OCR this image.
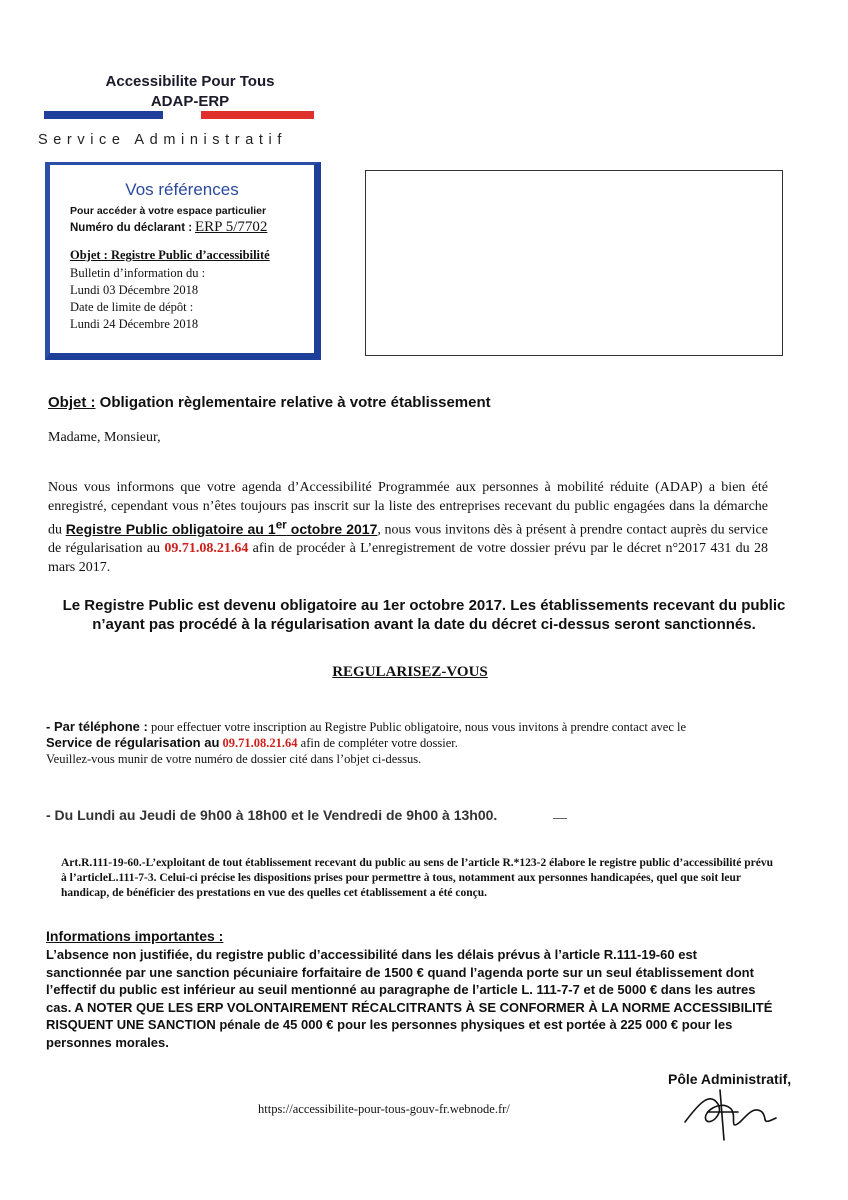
Accessibilite Pour Tous
ADAP-ERP
Service Administratif
Vos références
Pour accéder à votre espace particulier
Numéro du déclarant : ERP 5/7702
Objet : Registre Public d’accessibilité
Bulletin d’information du :
Lundi 03 Décembre 2018
Date de limite de dépôt :
Lundi 24 Décembre 2018
Objet : Obligation règlementaire relative à votre établissement
Madame, Monsieur,
Nous vous informons que votre agenda d’Accessibilité Programmée aux personnes à mobilité réduite (ADAP) a bien été enregistré, cependant vous n’êtes toujours pas inscrit sur la liste des entreprises recevant du public engagées dans la démarche du Registre Public obligatoire au 1er octobre 2017, nous vous invitons dès à présent à prendre contact auprès du service de régularisation au 09.71.08.21.64 afin de procéder à L’enregistrement de votre dossier prévu par le décret n°2017 431 du 28 mars 2017.
Le Registre Public est devenu obligatoire au 1er octobre 2017. Les établissements recevant du public n’ayant pas procédé à la régularisation avant la date du décret ci-dessus seront sanctionnés.
REGULARISEZ-VOUS
- Par téléphone : pour effectuer votre inscription au Registre Public obligatoire, nous vous invitons à prendre contact avec le
Service de régularisation au 09.71.08.21.64 afin de compléter votre dossier.
Veuillez-vous munir de votre numéro de dossier cité dans l’objet ci-dessus.
- Du Lundi au Jeudi de 9h00 à 18h00 et le Vendredi de 9h00 à 13h00.
Art.R.111-19-60.-L’exploitant de tout établissement recevant du public au sens de l’article R.*123-2 élabore le registre public d’accessibilité prévu à l’articleL.111-7-3. Celui-ci précise les dispositions prises pour permettre à tous, notamment aux personnes handicapées, quel que soit leur handicap, de bénéficier des prestations en vue des quelles cet établissement a été conçu.
Informations importantes :
L’absence non justifiée, du registre public d’accessibilité dans les délais prévus à l’article R.111-19-60 est sanctionnée par une sanction pécuniaire forfaitaire de 1500 € quand l’agenda porte sur un seul établissement dont l’effectif du public est inférieur au seuil mentionné au paragraphe de l’article L. 111-7-7 et de 5000 € dans les autres cas. A NOTER QUE LES ERP VOLONTAIREMENT RÉCALCITRANTS À SE CONFORMER À LA NORME ACCESSIBILITÉ RISQUENT UNE SANCTION pénale de 45 000 € pour les personnes physiques et est portée à 225 000 € pour les personnes morales.
https://accessibilite-pour-tous-gouv-fr.webnode.fr/
Pôle Administratif,
